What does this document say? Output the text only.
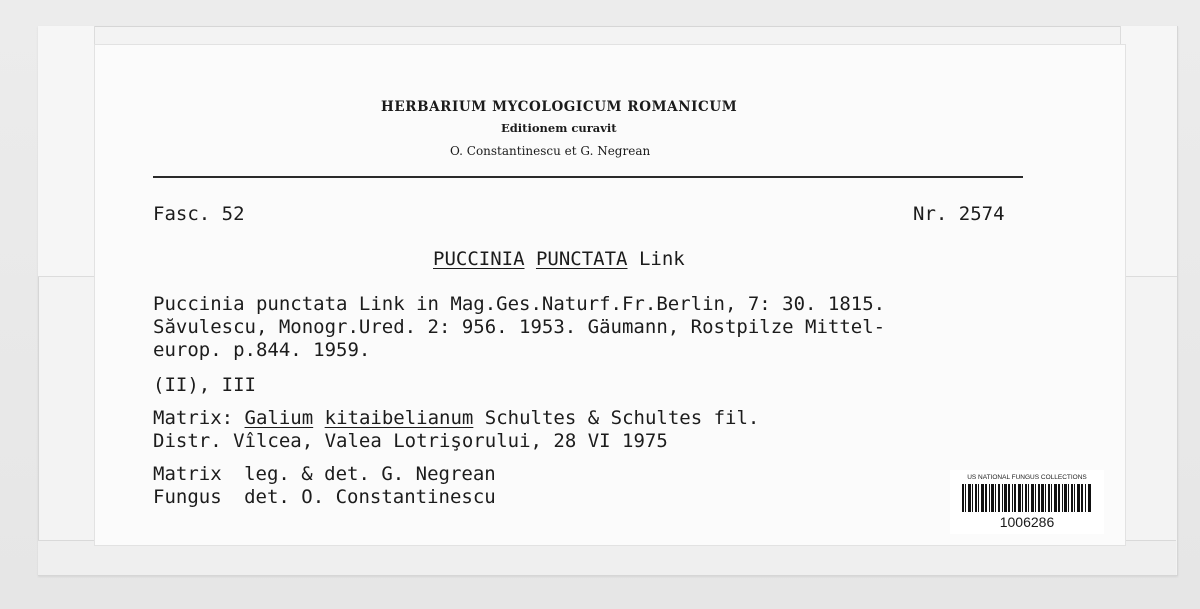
HERBARIUM MYCOLOGICUM ROMANICUM
Editionem curavit
O. Constantinescu et G. Negrean
Fasc. 52	Nr. 2574
PUCCINIA PUNCTATA Link
Puccinia punctata Link in Mag.Ges.Naturf.Fr.Berlin, 7: 30. 1815.
Săvulescu, Monogr.Ured. 2: 956. 1953. Gäumann, Rostpilze Mittel-
europ. p.844. 1959.
(II), III
Matrix: Galium kitaibelianum Schultes & Schultes fil.
Distr. Vîlcea, Valea Lotrişorului, 28 VI 1975
Matrix leg. & det. G. Negrean
Fungus det. O. Constantinescu
US NATIONAL FUNGUS COLLECTIONS
1006286
